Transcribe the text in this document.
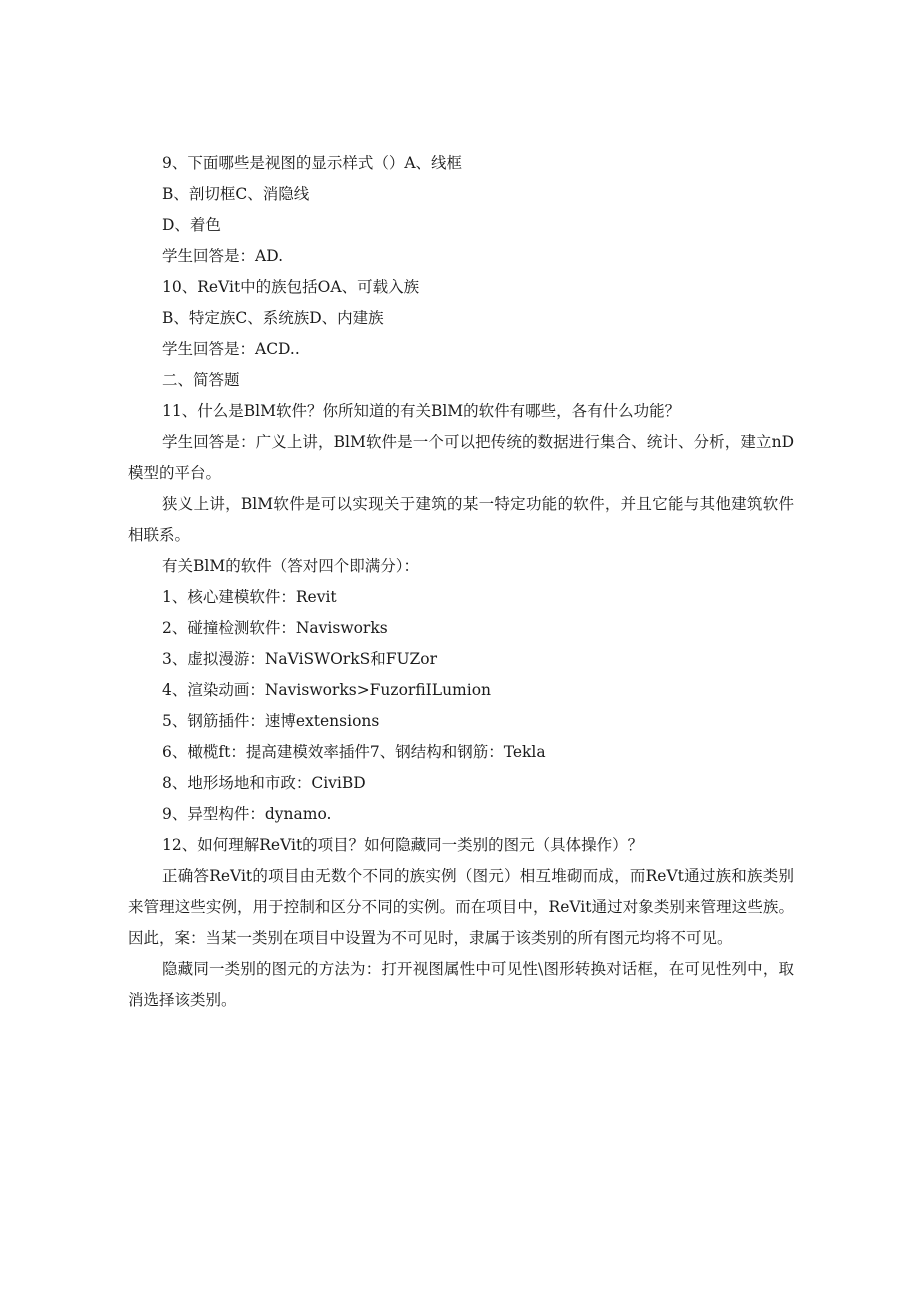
9、下面哪些是视图的显示样式（）A、线框
B、剖切框C、消隐线
D、着色
学生回答是：AD.
10、ReVit中的族包括OA、可载入族
B、特定族C、系统族D、内建族
学生回答是：ACD..
二、简答题
11、什么是BlM软件？你所知道的有关BlM的软件有哪些，各有什么功能？

学生回答是：广义上讲，BlM软件是一个可以把传统的数据进行集合、统计、分析，建立nD模型的平台。

狭义上讲，BlM软件是可以实现关于建筑的某一特定功能的软件，并且它能与其他建筑软件相联系。

有关BlM的软件（答对四个即满分）：
1、核心建模软件：Revit
2、碰撞检测软件：Navisworks
3、虚拟漫游：NaViSWOrkS和FUZor
4、渲染动画：Navisworks>FuzorfiILumion
5、钢筋插件：速博extensions
6、橄榄ft：提高建模效率插件7、钢结构和钢筋：Tekla
8、地形场地和市政：CiviBD
9、异型构件：dynamo.
12、如何理解ReVit的项目？如何隐藏同一类别的图元（具体操作）？

正确答ReVit的项目由无数个不同的族实例（图元）相互堆砌而成，而ReVt通过族和族类别来管理这些实例，用于控制和区分不同的实例。而在项目中，ReVit通过对象类别来管理这些族。因此，案：当某一类别在项目中设置为不可见时，隶属于该类别的所有图元均将不可见。

隐藏同一类别的图元的方法为：打开视图属性中可见性\图形转换对话框，在可见性列中，取消选择该类别。
